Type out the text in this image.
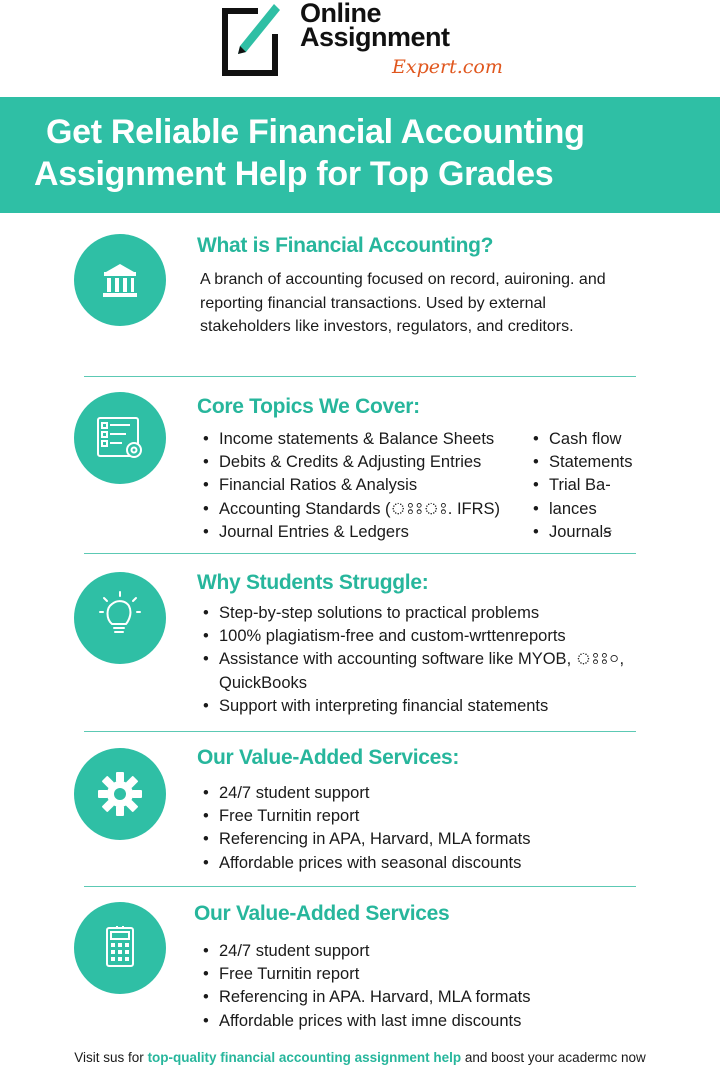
Online
Assignment
Expert.com
Get Reliable Financial Accounting
Assignment Help for Top Grades
What is Financial Accounting?

A branch of accounting focused on record, auironing. and reporting financial transactions. Used by external stakeholders like investors, regulators, and creditors.

Core Topics We Cover:
• Income statements & Balance Sheets
• Debits & Credits & Adjusting Entries
• Financial Ratios & Analysis
• Accounting Standards (ঃঃঃ. IFRS)
• Journal Entries & Ledgers
• Cash flow
• Statements
• Trial Ba-
• lances
• Journalꞩ
Why Students Struggle:
• Step-by-step solutions to practical problems
• 100% plagiatism-free and custom-wrttenreports
• Assistance with accounting software like MYOB, ঃঃ০, QuickBooks
• Support with interpreting financial statements
Our Value-Added Services:
• 24/7 student support
• Free Turnitin report
• Referencing in APA, Harvard, MLA formats
• Affordable prices with seasonal discounts
Our Value-Added Services
• 24/7 student support
• Free Turnitin report
• Referencing in APA. Harvard, MLA formats
• Affordable prices with last imne discounts
Visit sus for top-quality financial accounting assignment help and boost your acadermc now
